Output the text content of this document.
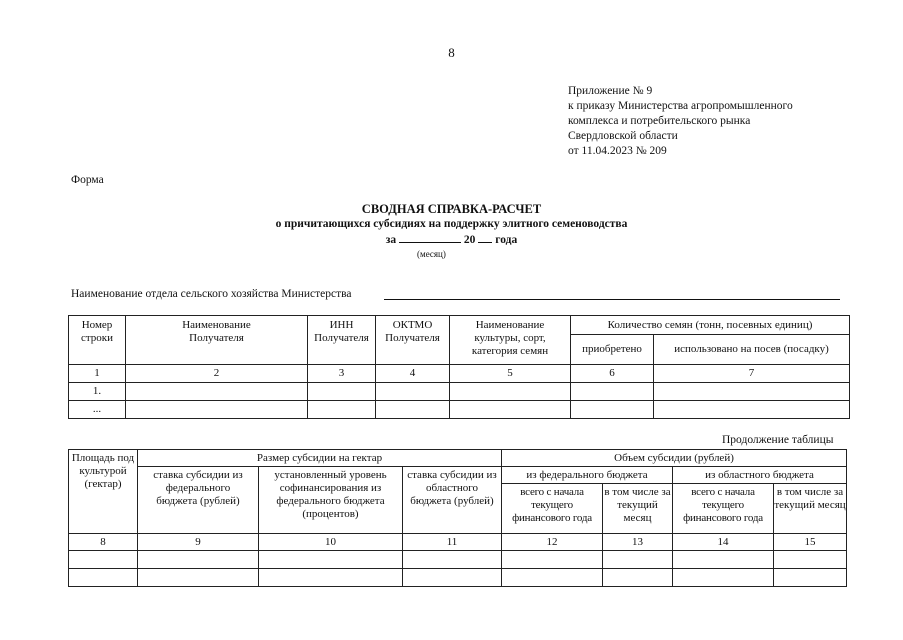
8
Приложение № 9
к приказу Министерства агропромышленного
комплекса и потребительского рынка
Свердловской области
от 11.04.2023 № 209
Форма
СВОДНАЯ СПРАВКА-РАСЧЕТ
о причитающихся субсидиях на поддержку элитного семеноводства
за	20 года
(месяц)
Наименование отдела сельского хозяйства Министерства
Номер строки	Наименование Получателя	ИНН Получателя	ОКТМО Получателя	Наименование культуры, сорт, категория семян	Количество семян (тонн, посевных единиц)	
					приобретено	использовано на посев (посадку)
1	2	3	4	5	6	7
1.						
...						
Продолжение таблицы
Площадь под культурой (гектар)	Размер субсидии на гектар			Объем субсидии (рублей)			
	ставка субсидии из федерального бюджета (рублей)	установленный уровень софинансирования из федерального бюджета (процентов)	ставка субсидии из областного бюджета (рублей)	из федерального бюджета		из областного бюджета	
				всего с начала текущего финансового года	в том числе за текущий месяц	всего с начала текущего финансового года	в том числе за текущий месяц
8	9	10	11	12	13	14	15
